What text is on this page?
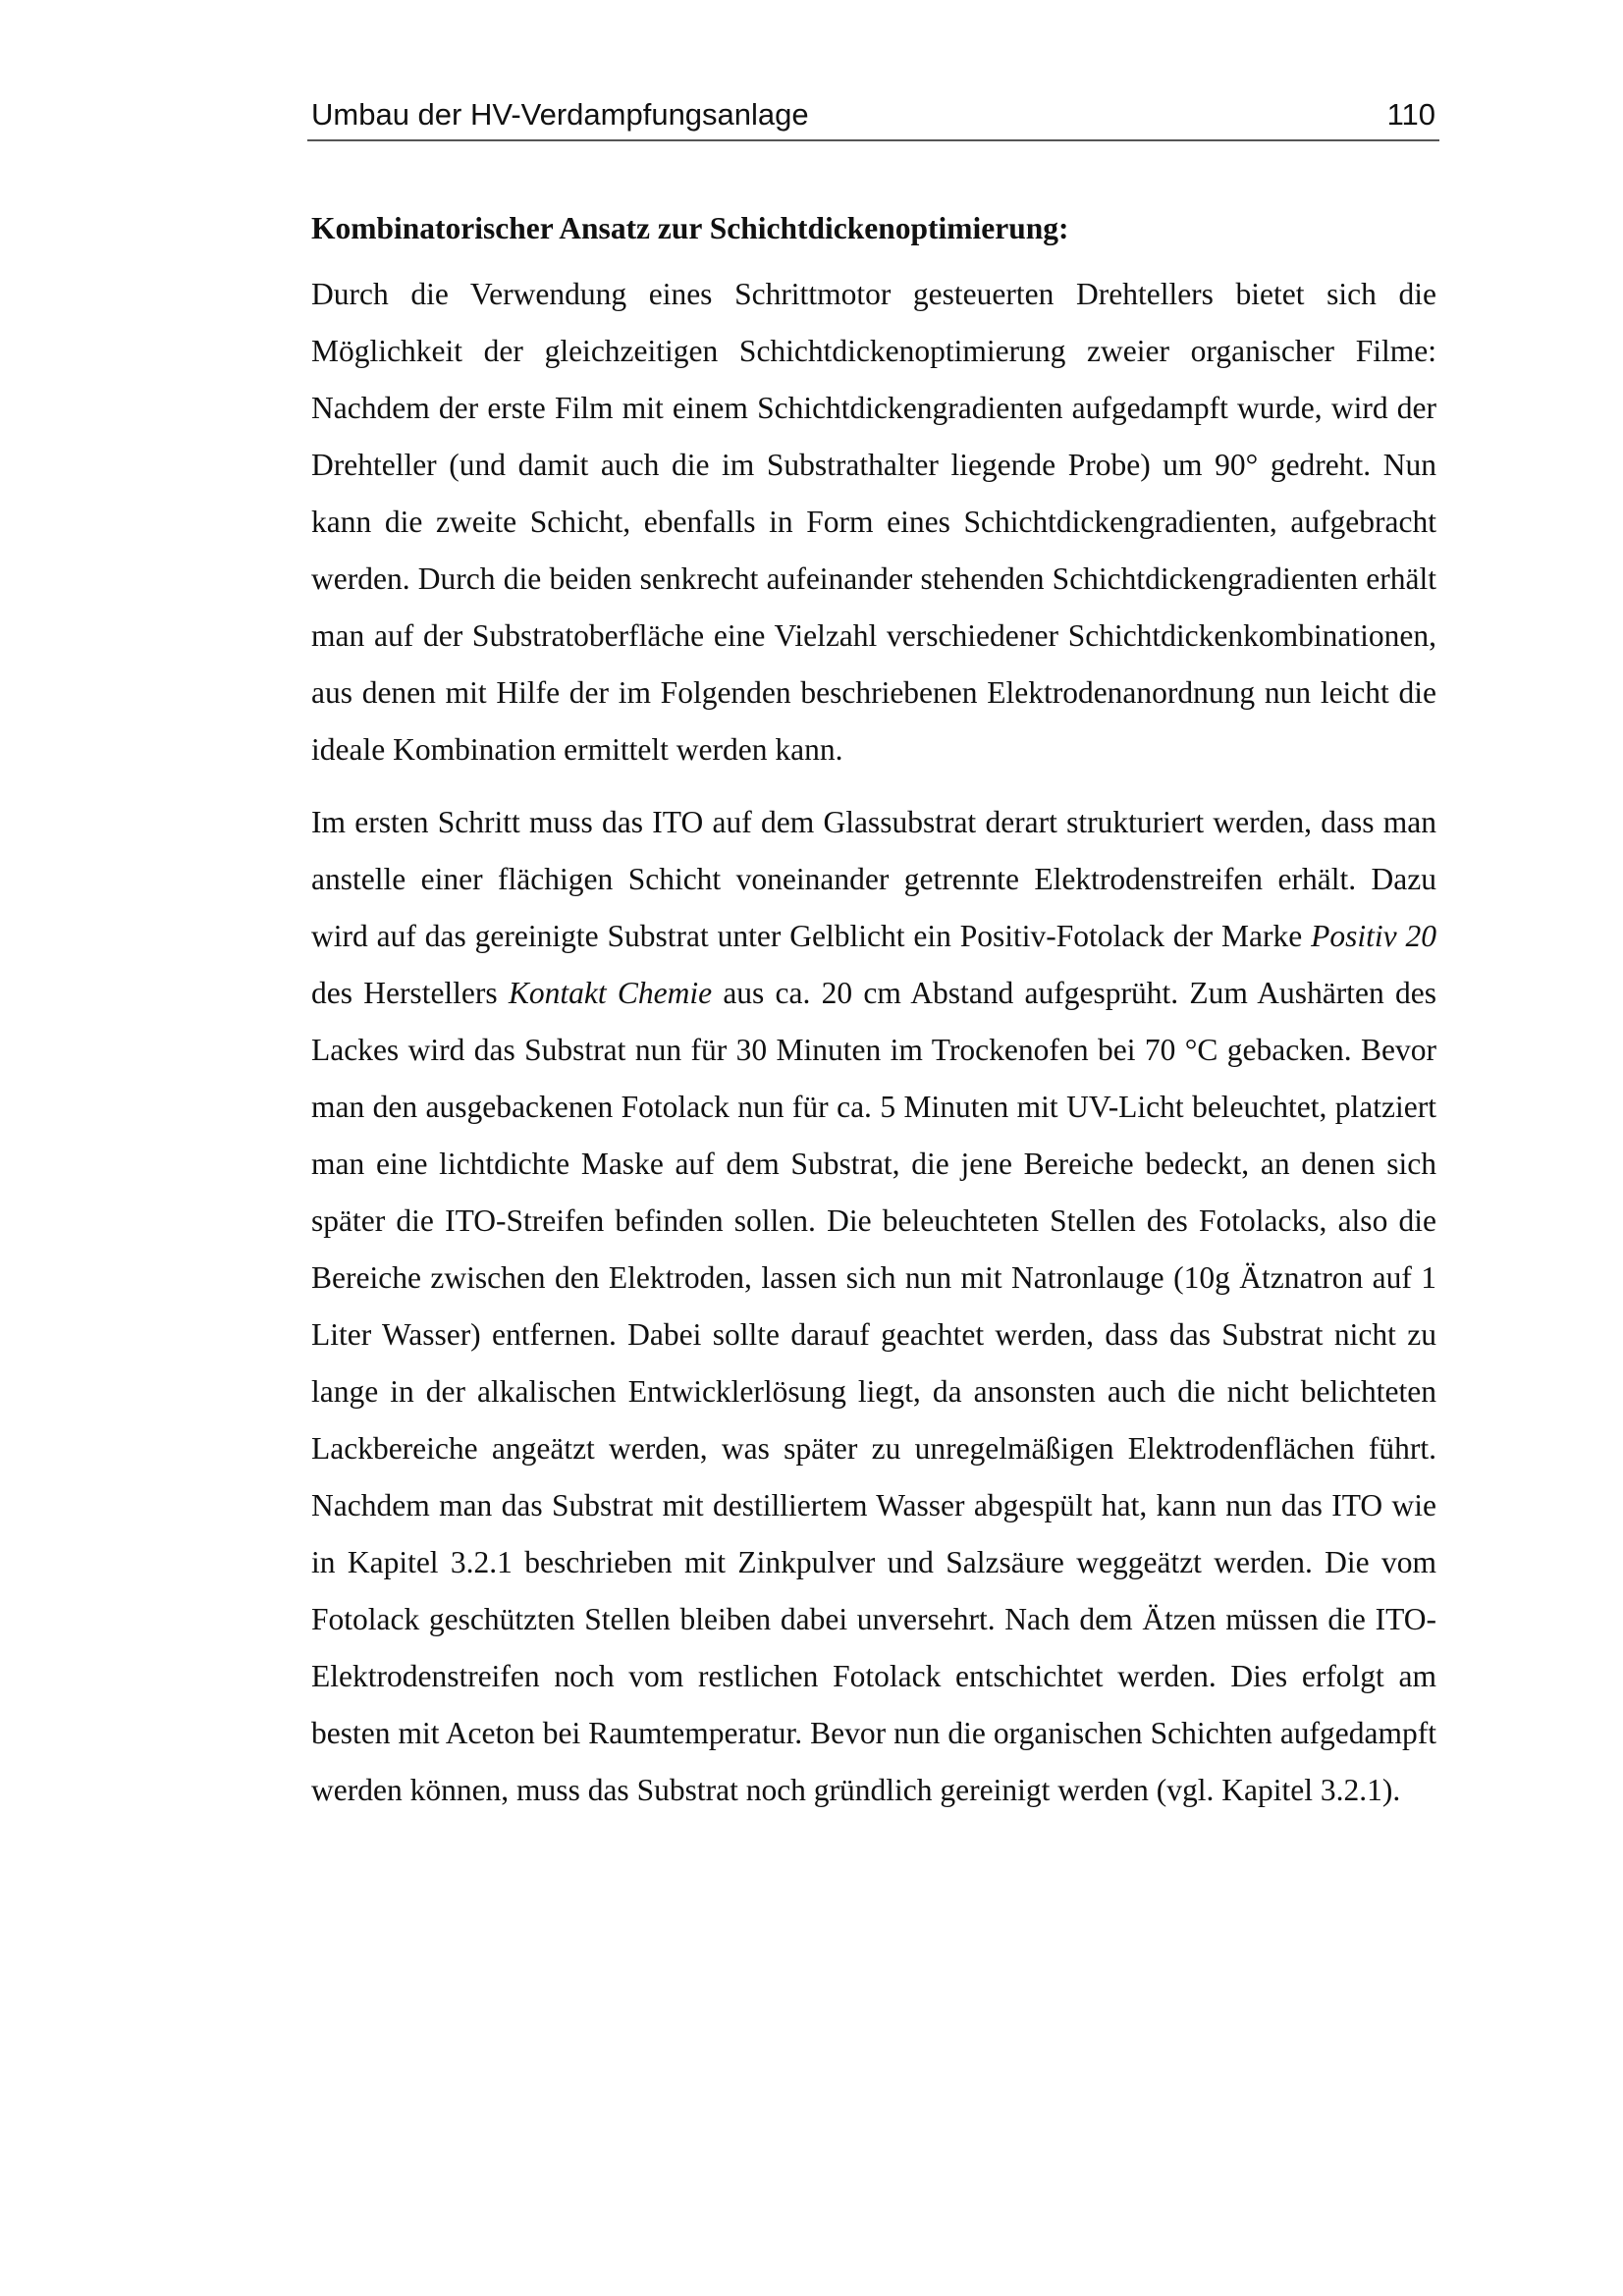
Umbau der HV-Verdampfungsanlage	110
Kombinatorischer Ansatz zur Schichtdickenoptimierung:

Durch die Verwendung eines Schrittmotor gesteuerten Drehtellers bietet sich die Möglichkeit der gleichzeitigen Schichtdickenoptimierung zweier organischer Filme: Nachdem der erste Film mit einem Schichtdickengradienten aufgedampft wurde, wird der Drehteller (und damit auch die im Substrathalter liegende Probe) um 90° gedreht. Nun kann die zweite Schicht, ebenfalls in Form eines Schichtdickengradienten, aufgebracht werden. Durch die beiden senkrecht aufeinander stehenden Schichtdickengradienten erhält man auf der Substratoberfläche eine Vielzahl verschiedener Schichtdickenkombinationen, aus denen mit Hilfe der im Folgenden beschriebenen Elektrodenanordnung nun leicht die ideale Kombination ermittelt werden kann.

Im ersten Schritt muss das ITO auf dem Glassubstrat derart strukturiert werden, dass man anstelle einer flächigen Schicht voneinander getrennte Elektrodenstreifen erhält. Dazu wird auf das gereinigte Substrat unter Gelblicht ein Positiv-Fotolack der Marke Positiv 20 des Herstellers Kontakt Chemie aus ca. 20 cm Abstand aufgesprüht. Zum Aushärten des Lackes wird das Substrat nun für 30 Minuten im Trockenofen bei 70 °C gebacken. Bevor man den ausgebackenen Fotolack nun für ca. 5 Minuten mit UV-Licht beleuchtet, platziert man eine lichtdichte Maske auf dem Substrat, die jene Bereiche bedeckt, an denen sich später die ITO-Streifen befinden sollen. Die beleuchteten Stellen des Fotolacks, also die Bereiche zwischen den Elektroden, lassen sich nun mit Natronlauge (10g Ätznatron auf 1 Liter Wasser) entfernen. Dabei sollte darauf geachtet werden, dass das Substrat nicht zu lange in der alkalischen Entwicklerlösung liegt, da ansonsten auch die nicht belichteten Lackbereiche angeätzt werden, was später zu unregelmäßigen Elektrodenflächen führt. Nachdem man das Substrat mit destilliertem Wasser abgespült hat, kann nun das ITO wie in Kapitel 3.2.1 beschrieben mit Zinkpulver und Salzsäure weggeätzt werden. Die vom Fotolack geschützten Stellen bleiben dabei unversehrt. Nach dem Ätzen müssen die ITO-Elektrodenstreifen noch vom restlichen Fotolack entschichtet werden. Dies erfolgt am besten mit Aceton bei Raumtemperatur. Bevor nun die organischen Schichten aufgedampft werden können, muss das Substrat noch gründlich gereinigt werden (vgl. Kapitel 3.2.1).
